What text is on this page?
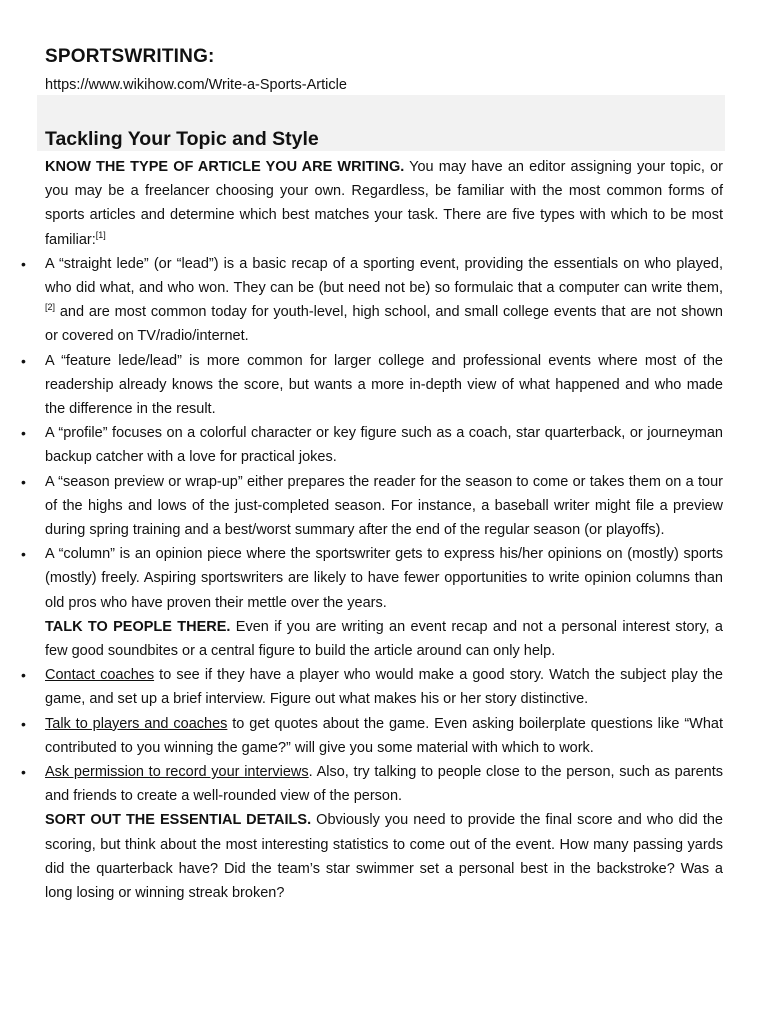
SPORTSWRITING:
https://www.wikihow.com/Write-a-Sports-Article
Tackling Your Topic and Style

KNOW THE TYPE OF ARTICLE YOU ARE WRITING. You may have an editor assigning your topic, or you may be a freelancer choosing your own. Regardless, be familiar with the most common forms of sports articles and determine which best matches your task. There are five types with which to be most familiar:[1]

• A “straight lede” (or “lead”) is a basic recap of a sporting event, providing the essentials on who played, who did what, and who won. They can be (but need not be) so formulaic that a computer can write them,[2] and are most common today for youth-level, high school, and small college events that are not shown or covered on TV/radio/internet.
• A “feature lede/lead” is more common for larger college and professional events where most of the readership already knows the score, but wants a more in-depth view of what happened and who made the difference in the result.
• A “profile” focuses on a colorful character or key figure such as a coach, star quarterback, or journeyman backup catcher with a love for practical jokes.
• A “season preview or wrap-up” either prepares the reader for the season to come or takes them on a tour of the highs and lows of the just-completed season. For instance, a baseball writer might file a preview during spring training and a best/worst summary after the end of the regular season (or playoffs).
• A “column” is an opinion piece where the sportswriter gets to express his/her opinions on (mostly) sports (mostly) freely. Aspiring sportswriters are likely to have fewer opportunities to write opinion columns than old pros who have proven their mettle over the years.

TALK TO PEOPLE THERE. Even if you are writing an event recap and not a personal interest story, a few good soundbites or a central figure to build the article around can only help.

• Contact coaches to see if they have a player who would make a good story. Watch the subject play the game, and set up a brief interview. Figure out what makes his or her story distinctive.
• Talk to players and coaches to get quotes about the game. Even asking boilerplate questions like “What contributed to you winning the game?” will give you some material with which to work.
• Ask permission to record your interviews. Also, try talking to people close to the person, such as parents and friends to create a well-rounded view of the person.

SORT OUT THE ESSENTIAL DETAILS. Obviously you need to provide the final score and who did the scoring, but think about the most interesting statistics to come out of the event. How many passing yards did the quarterback have? Did the team’s star swimmer set a personal best in the backstroke? Was a long losing or winning streak broken?
